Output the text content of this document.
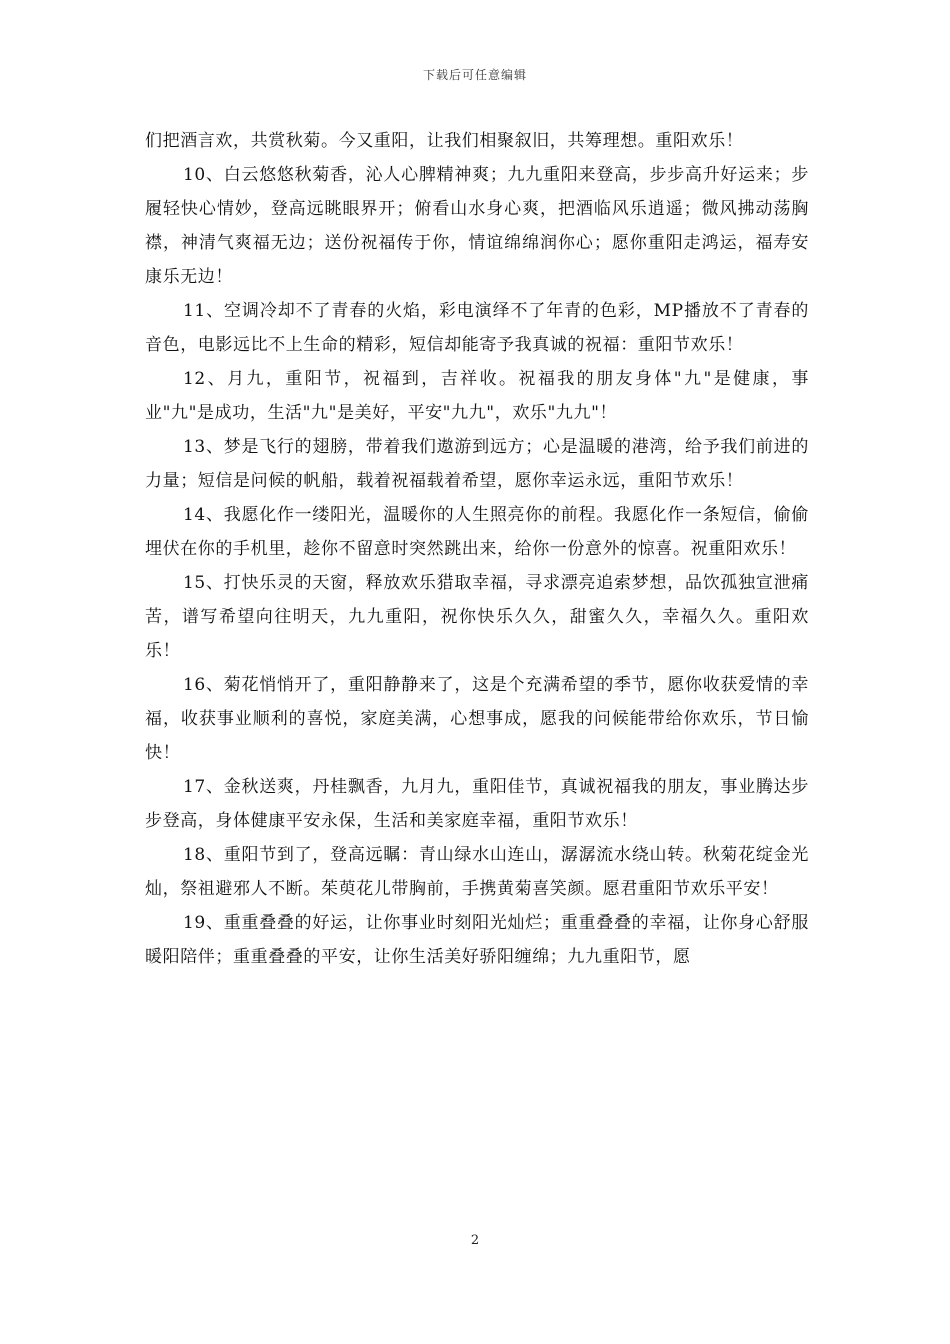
下载后可任意编辑

们把酒言欢，共赏秋菊。今又重阳，让我们相聚叙旧，共筹理想。重阳欢乐！

10、白云悠悠秋菊香，沁人心脾精神爽；九九重阳来登高，步步高升好运来；步履轻快心情妙，登高远眺眼界开；俯看山水身心爽，把酒临风乐逍遥；微风拂动荡胸襟，神清气爽福无边；送份祝福传于你，情谊绵绵润你心；愿你重阳走鸿运，福寿安康乐无边！

11、空调冷却不了青春的火焰，彩电演绎不了年青的色彩，MP播放不了青春的音色，电影远比不上生命的精彩，短信却能寄予我真诚的祝福：重阳节欢乐！

12、月九，重阳节，祝福到，吉祥收。祝福我的朋友身体"九"是健康，事业"九"是成功，生活"九"是美好，平安"九九"，欢乐"九九"！

13、梦是飞行的翅膀，带着我们遨游到远方；心是温暖的港湾，给予我们前进的力量；短信是问候的帆船，载着祝福载着希望，愿你幸运永远，重阳节欢乐！

14、我愿化作一缕阳光，温暖你的人生照亮你的前程。我愿化作一条短信，偷偷埋伏在你的手机里，趁你不留意时突然跳出来，给你一份意外的惊喜。祝重阳欢乐！

15、打快乐灵的天窗，释放欢乐猎取幸福，寻求漂亮追索梦想，品饮孤独宣泄痛苦，谱写希望向往明天，九九重阳，祝你快乐久久，甜蜜久久，幸福久久。重阳欢乐！

16、菊花悄悄开了，重阳静静来了，这是个充满希望的季节，愿你收获爱情的幸福，收获事业顺利的喜悦，家庭美满，心想事成，愿我的问候能带给你欢乐，节日愉快！

17、金秋送爽，丹桂飘香，九月九，重阳佳节，真诚祝福我的朋友，事业腾达步步登高，身体健康平安永保，生活和美家庭幸福，重阳节欢乐！

18、重阳节到了，登高远瞩：青山绿水山连山，潺潺流水绕山转。秋菊花绽金光灿，祭祖避邪人不断。茱萸花儿带胸前，手携黄菊喜笑颜。愿君重阳节欢乐平安！

19、重重叠叠的好运，让你事业时刻阳光灿烂；重重叠叠的幸福，让你身心舒服暖阳陪伴；重重叠叠的平安，让你生活美好骄阳缠绵；九九重阳节，愿

2
